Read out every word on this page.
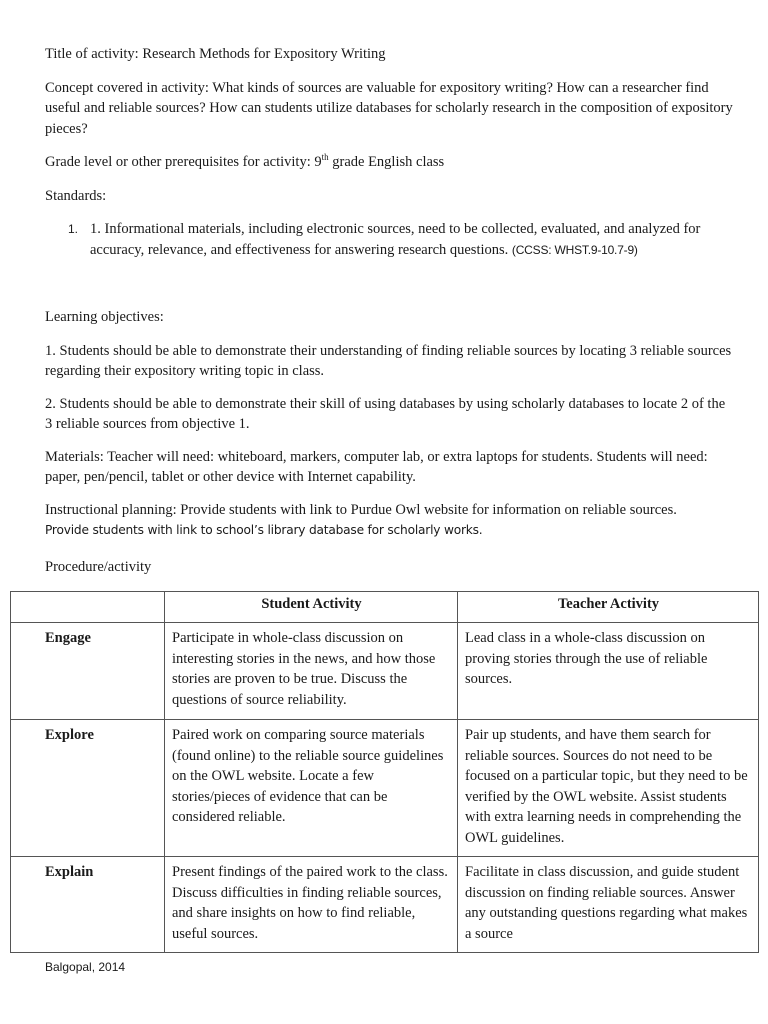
Title of activity: Research Methods for Expository Writing

Concept covered in activity: What kinds of sources are valuable for expository writing? How can a researcher find useful and reliable sources? How can students utilize databases for scholarly research in the composition of expository pieces?

Grade level or other prerequisites for activity: 9th grade English class

Standards:

1. 1. Informational materials, including electronic sources, need to be collected, evaluated, and analyzed for accuracy, relevance, and effectiveness for answering research questions. (CCSS: WHST.9-10.7-9)

Learning objectives:

1. Students should be able to demonstrate their understanding of finding reliable sources by locating 3 reliable sources regarding their expository writing topic in class.

2. Students should be able to demonstrate their skill of using databases by using scholarly databases to locate 2 of the 3 reliable sources from objective 1.

Materials: Teacher will need: whiteboard, markers, computer lab, or extra laptops for students. Students will need: paper, pen/pencil, tablet or other device with Internet capability.

Instructional planning: Provide students with link to Purdue Owl website for information on reliable sources.
Provide students with link to school’s library database for scholarly works.

Procedure/activity
	Student Activity	Teacher Activity
Engage	Participate in whole-class discussion on interesting stories in the news, and how those stories are proven to be true. Discuss the questions of source reliability.	Lead class in a whole-class discussion on proving stories through the use of reliable sources.
Explore	Paired work on comparing source materials (found online) to the reliable source guidelines on the OWL website. Locate a few stories/pieces of evidence that can be considered reliable.	Pair up students, and have them search for reliable sources. Sources do not need to be focused on a particular topic, but they need to be verified by the OWL website. Assist students with extra learning needs in comprehending the OWL guidelines.
Explain	Present findings of the paired work to the class. Discuss difficulties in finding reliable sources, and share insights on how to find reliable, useful sources.	Facilitate in class discussion, and guide student discussion on finding reliable sources. Answer any outstanding questions regarding what makes a source
Balgopal, 2014
